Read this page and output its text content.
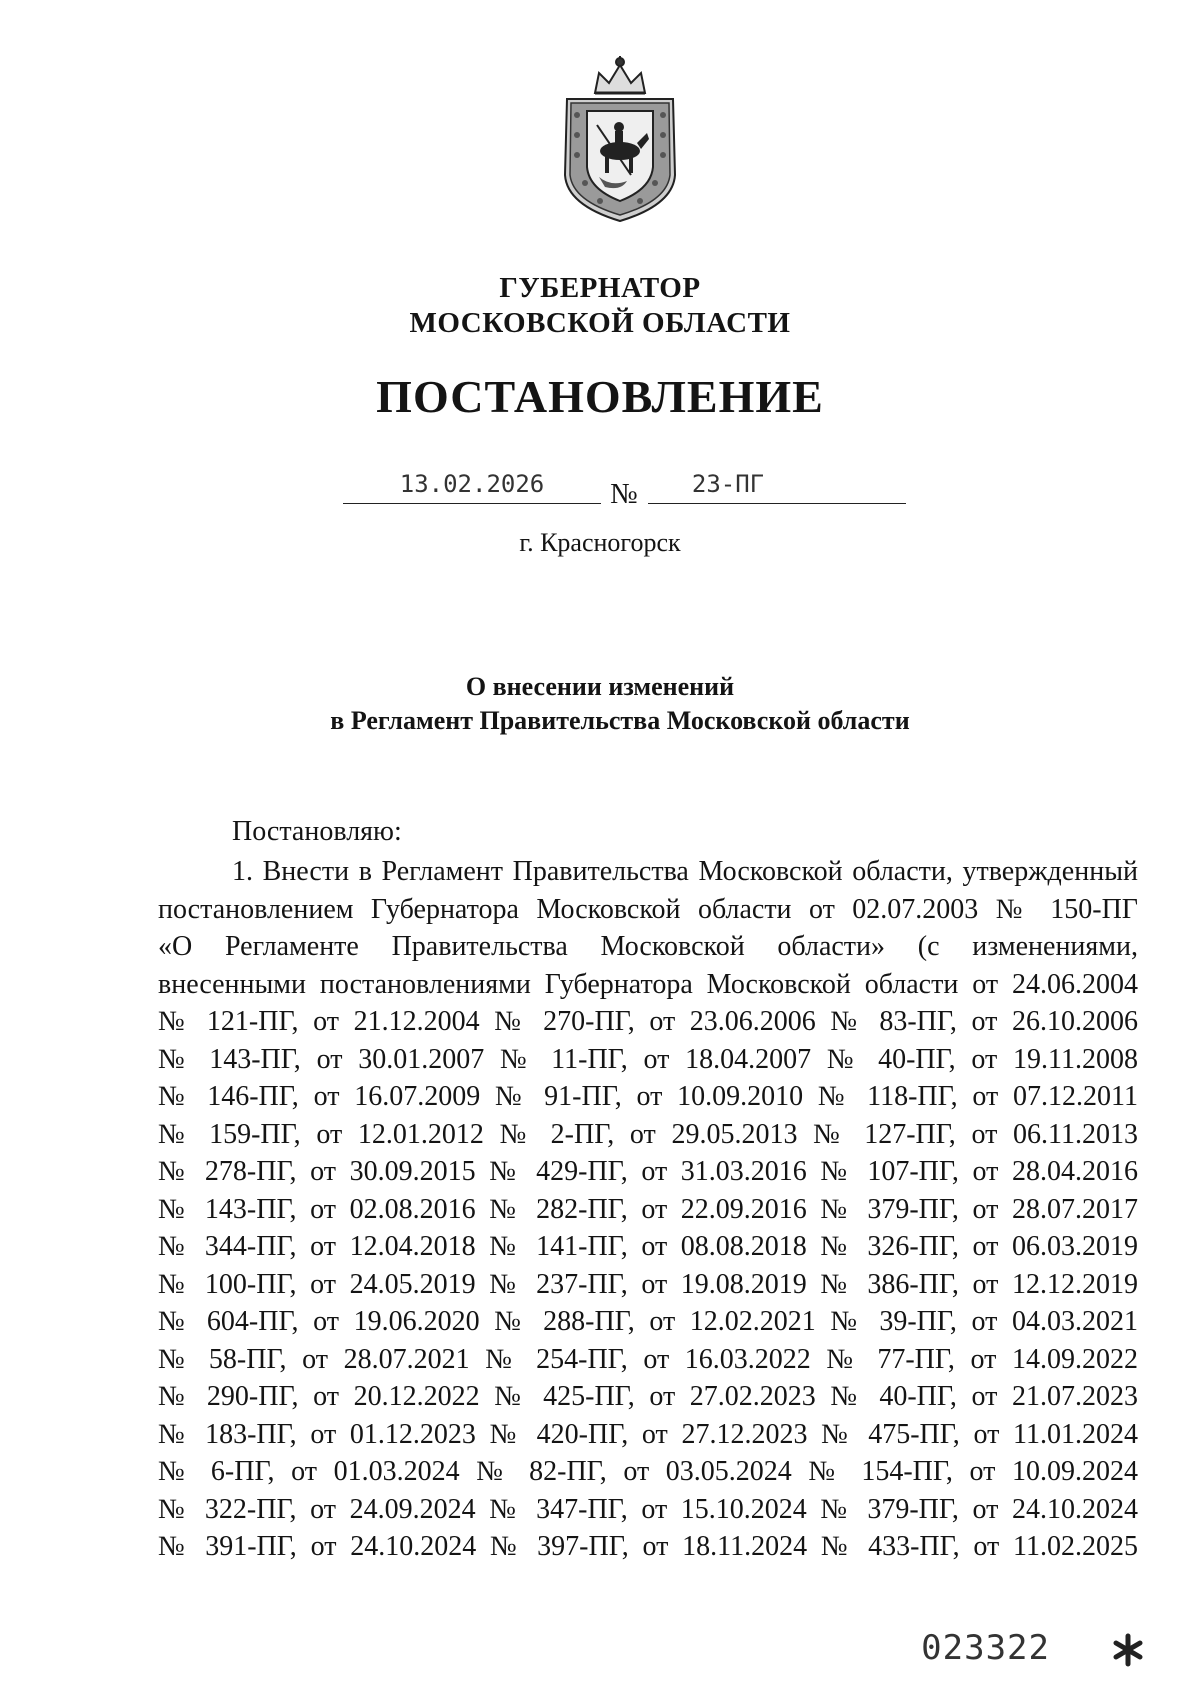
ГУБЕРНАТОР
МОСКОВСКОЙ ОБЛАСТИ
ПОСТАНОВЛЕНИЕ
13.02.2026	№	23-ПГ
г. Красногорск
О внесении изменений
в Регламент Правительства Московской области
Постановляю:
1. Внести в Регламент Правительства Московской области, утвержденный
постановлением Губернатора Московской области от 02.07.2003 № 150-ПГ
«О Регламенте Правительства Московской области» (с изменениями,
внесенными постановлениями Губернатора Московской области от 24.06.2004
№ 121-ПГ, от 21.12.2004 № 270-ПГ, от 23.06.2006 № 83-ПГ, от 26.10.2006
№ 143-ПГ, от 30.01.2007 № 11-ПГ, от 18.04.2007 № 40-ПГ, от 19.11.2008
№ 146-ПГ, от 16.07.2009 № 91-ПГ, от 10.09.2010 № 118-ПГ, от 07.12.2011
№ 159-ПГ, от 12.01.2012 № 2-ПГ, от 29.05.2013 № 127-ПГ, от 06.11.2013
№ 278-ПГ, от 30.09.2015 № 429-ПГ, от 31.03.2016 № 107-ПГ, от 28.04.2016
№ 143-ПГ, от 02.08.2016 № 282-ПГ, от 22.09.2016 № 379-ПГ, от 28.07.2017
№ 344-ПГ, от 12.04.2018 № 141-ПГ, от 08.08.2018 № 326-ПГ, от 06.03.2019
№ 100-ПГ, от 24.05.2019 № 237-ПГ, от 19.08.2019 № 386-ПГ, от 12.12.2019
№ 604-ПГ, от 19.06.2020 № 288-ПГ, от 12.02.2021 № 39-ПГ, от 04.03.2021
№ 58-ПГ, от 28.07.2021 № 254-ПГ, от 16.03.2022 № 77-ПГ, от 14.09.2022
№ 290-ПГ, от 20.12.2022 № 425-ПГ, от 27.02.2023 № 40-ПГ, от 21.07.2023
№ 183-ПГ, от 01.12.2023 № 420-ПГ, от 27.12.2023 № 475-ПГ, от 11.01.2024
№ 6-ПГ, от 01.03.2024 № 82-ПГ, от 03.05.2024 № 154-ПГ, от 10.09.2024
№ 322-ПГ, от 24.09.2024 № 347-ПГ, от 15.10.2024 № 379-ПГ, от 24.10.2024
№ 391-ПГ, от 24.10.2024 № 397-ПГ, от 18.11.2024 № 433-ПГ, от 11.02.2025
023322
